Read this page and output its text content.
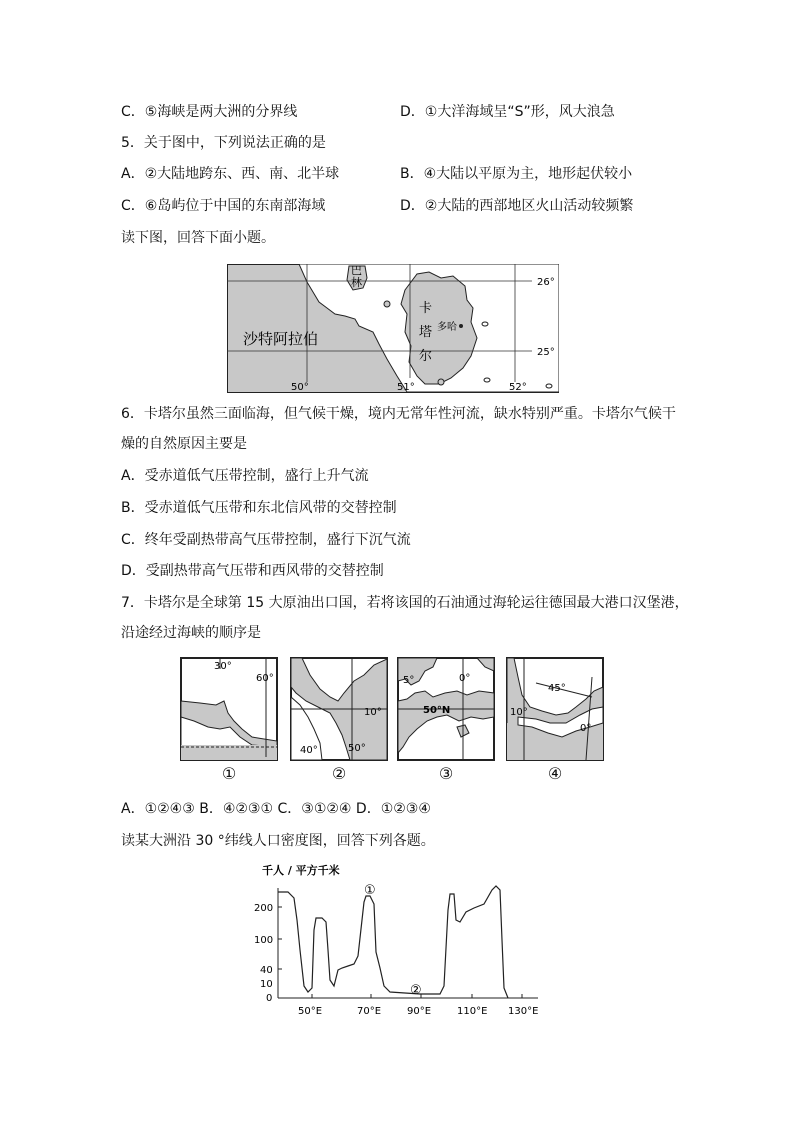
C．⑤海峡是两大洲的分界线	D．①大洋海域呈“S”形，风大浪急
5．关于图中，下列说法正确的是
A．②大陆地跨东、西、南、北半球	B．④大陆以平原为主，地形起伏较小
C．⑥岛屿位于中国的东南部海域	D．②大陆的西部地区火山活动较频繁
读下图，回答下面小题。
沙特阿拉伯
巴
林
卡
塔
尔
多哈
26°
25°
50°	51°	52°
6．卡塔尔虽然三面临海，但气候干燥，境内无常年性河流，缺水特别严重。卡塔尔气候干
燥的自然原因主要是
A．受赤道低气压带控制，盛行上升气流
B．受赤道低气压带和东北信风带的交替控制
C．终年受副热带高气压带控制，盛行下沉气流
D．受副热带高气压带和西风带的交替控制
7．卡塔尔是全球第 15 大原油出口国，若将该国的石油通过海轮运往德国最大港口汉堡港，
沿途经过海峡的顺序是
30°
60°
10°
40°	50°
5°	0°
50°N
45°
10°
0°
①	②	③	④
A．①②④③ B．④②③① C．③①②④ D．①②③④
读某大洲沿 30 °纬线人口密度图，回答下列各题。
千人 / 平方千米
200
100
40
10
0
50°E	70°E	90°E	110°E 130°E
①
②
